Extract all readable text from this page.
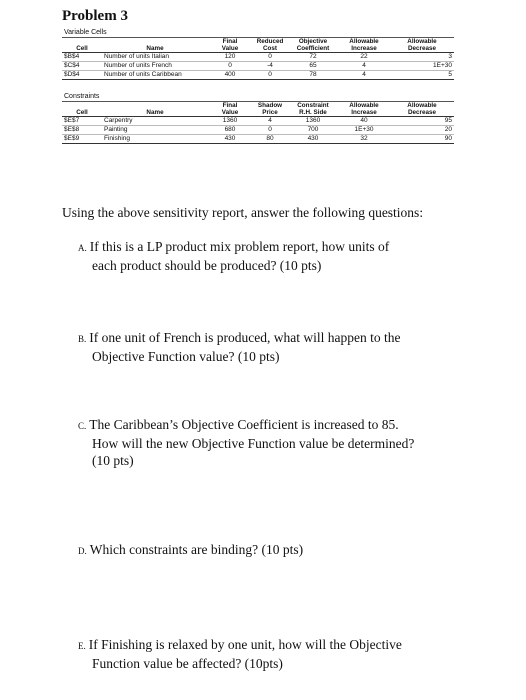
Problem 3
Variable Cells
		Final	Reduced	Objective	Allowable	Allowable
Cell	Name	Value	Cost	Coefficient	Increase	Decrease
$B$4	Number of units Italian	120	0	72	22	3
$C$4	Number of units French	0	-4	65	4	1E+30
$D$4	Number of units Caribbean	400	0	78	4	5
Constraints
		Final	Shadow	Constraint	Allowable	Allowable
Cell	Name	Value	Price	R.H. Side	Increase	Decrease
$E$7	Carpentry	1360	4	1360	40	95
$E$8	Painting	680	0	700	1E+30	20
$E$9	Finishing	430	80	430	32	90
Using the above sensitivity report, answer the following questions:
A. If this is a LP product mix problem report, how units of
each product should be produced? (10 pts)
B. If one unit of French is produced, what will happen to the
Objective Function value? (10 pts)
C. The Caribbean’s Objective Coefficient is increased to 85.
How will the new Objective Function value be determined?
(10 pts)
D. Which constraints are binding? (10 pts)
E. If Finishing is relaxed by one unit, how will the Objective
Function value be affected? (10pts)
